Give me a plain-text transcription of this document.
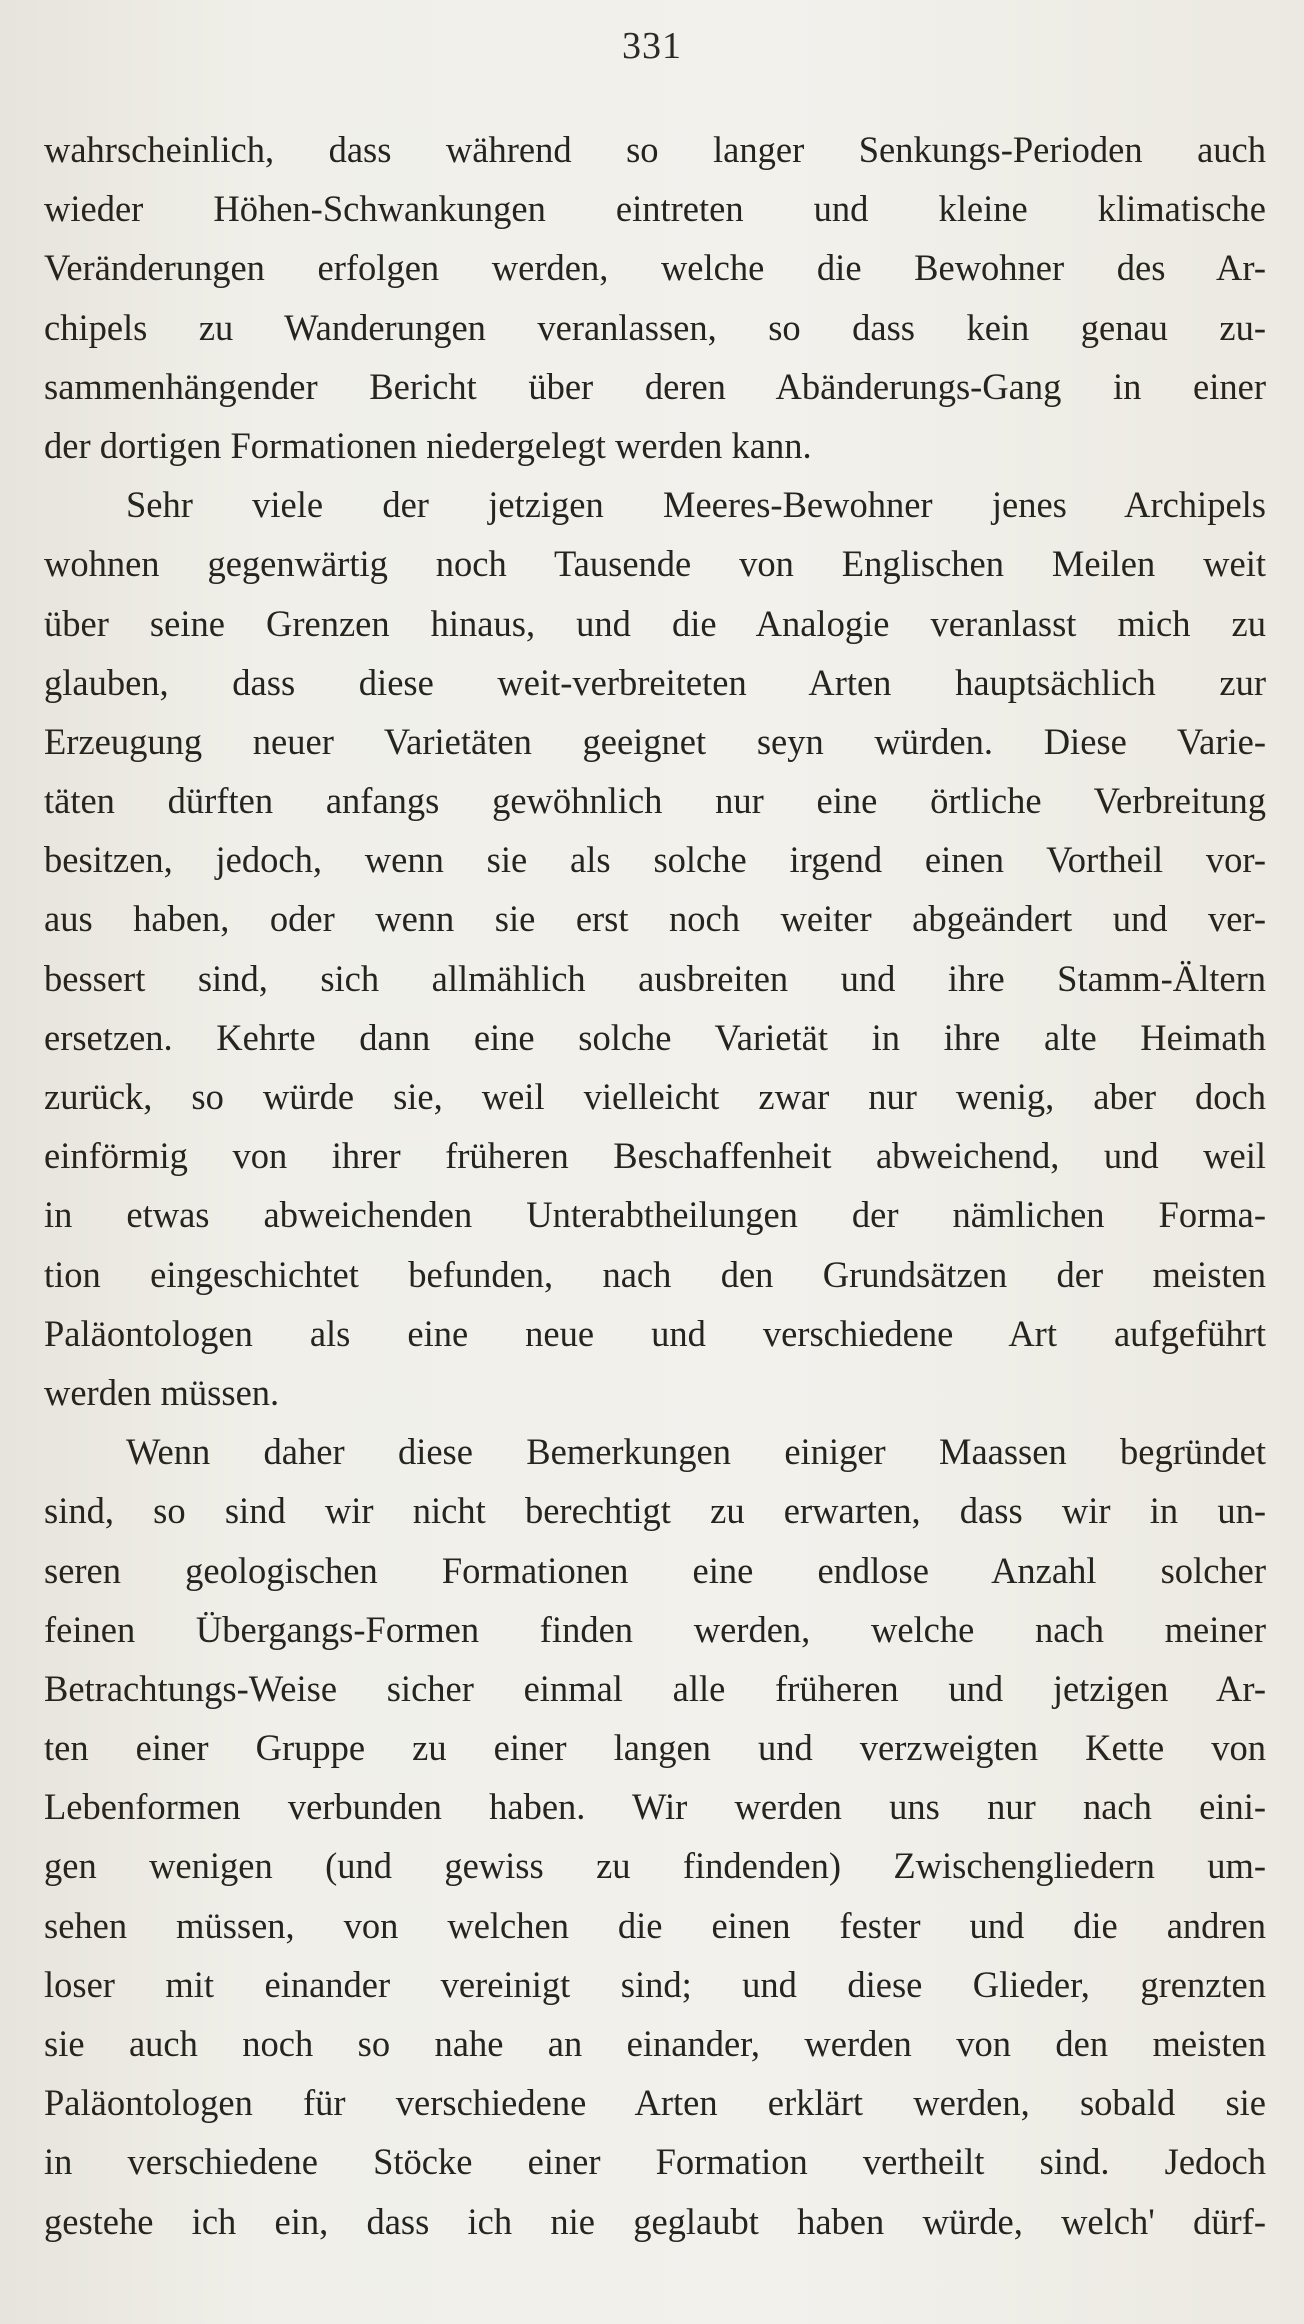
331
wahrscheinlich, dass während so langer Senkungs-Perioden auch
wieder Höhen-Schwankungen eintreten und kleine klimatische
Veränderungen erfolgen werden, welche die Bewohner des Ar-
chipels zu Wanderungen veranlassen, so dass kein genau zu-
sammenhängender Bericht über deren Abänderungs-Gang in einer
der dortigen Formationen niedergelegt werden kann.
Sehr viele der jetzigen Meeres-Bewohner jenes Archipels
wohnen gegenwärtig noch Tausende von Englischen Meilen weit
über seine Grenzen hinaus, und die Analogie veranlasst mich zu
glauben, dass diese weit-verbreiteten Arten hauptsächlich zur
Erzeugung neuer Varietäten geeignet seyn würden. Diese Varie-
täten dürften anfangs gewöhnlich nur eine örtliche Verbreitung
besitzen, jedoch, wenn sie als solche irgend einen Vortheil vor-
aus haben, oder wenn sie erst noch weiter abgeändert und ver-
bessert sind, sich allmählich ausbreiten und ihre Stamm-Ältern
ersetzen. Kehrte dann eine solche Varietät in ihre alte Heimath
zurück, so würde sie, weil vielleicht zwar nur wenig, aber doch
einförmig von ihrer früheren Beschaffenheit abweichend, und weil
in etwas abweichenden Unterabtheilungen der nämlichen Forma-
tion eingeschichtet befunden, nach den Grundsätzen der meisten
Paläontologen als eine neue und verschiedene Art aufgeführt
werden müssen.
Wenn daher diese Bemerkungen einiger Maassen begründet
sind, so sind wir nicht berechtigt zu erwarten, dass wir in un-
seren geologischen Formationen eine endlose Anzahl solcher
feinen Übergangs-Formen finden werden, welche nach meiner
Betrachtungs-Weise sicher einmal alle früheren und jetzigen Ar-
ten einer Gruppe zu einer langen und verzweigten Kette von
Lebenformen verbunden haben. Wir werden uns nur nach eini-
gen wenigen (und gewiss zu findenden) Zwischengliedern um-
sehen müssen, von welchen die einen fester und die andren
loser mit einander vereinigt sind; und diese Glieder, grenzten
sie auch noch so nahe an einander, werden von den meisten
Paläontologen für verschiedene Arten erklärt werden, sobald sie
in verschiedene Stöcke einer Formation vertheilt sind. Jedoch
gestehe ich ein, dass ich nie geglaubt haben würde, welch' dürf-
